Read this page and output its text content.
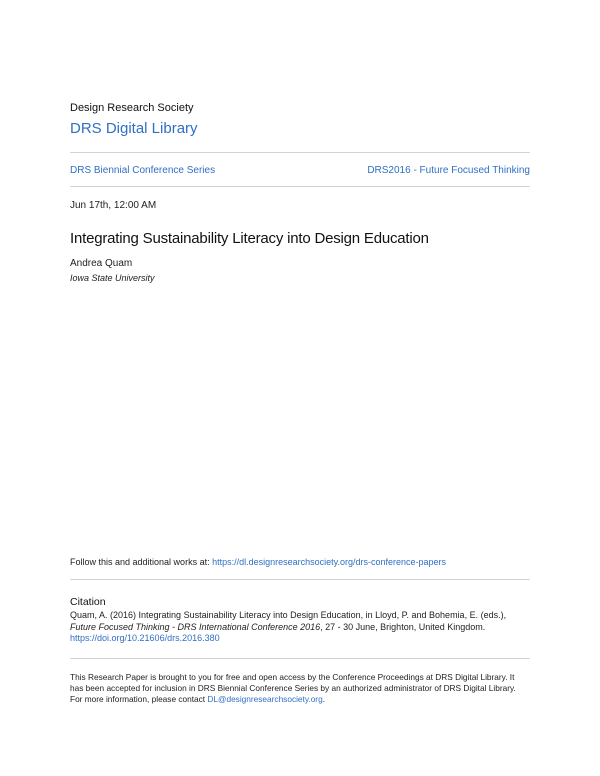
Design Research Society
DRS Digital Library
DRS Biennial Conference Series	DRS2016 - Future Focused Thinking
Jun 17th, 12:00 AM
Integrating Sustainability Literacy into Design Education
Andrea Quam
Iowa State University
Follow this and additional works at: https://dl.designresearchsociety.org/drs-conference-papers
Citation
Quam, A. (2016) Integrating Sustainability Literacy into Design Education, in Lloyd, P. and Bohemia, E. (eds.), Future Focused Thinking - DRS International Conference 2016, 27 - 30 June, Brighton, United Kingdom. https://doi.org/10.21606/drs.2016.380
This Research Paper is brought to you for free and open access by the Conference Proceedings at DRS Digital Library. It has been accepted for inclusion in DRS Biennial Conference Series by an authorized administrator of DRS Digital Library. For more information, please contact DL@designresearchsociety.org.
